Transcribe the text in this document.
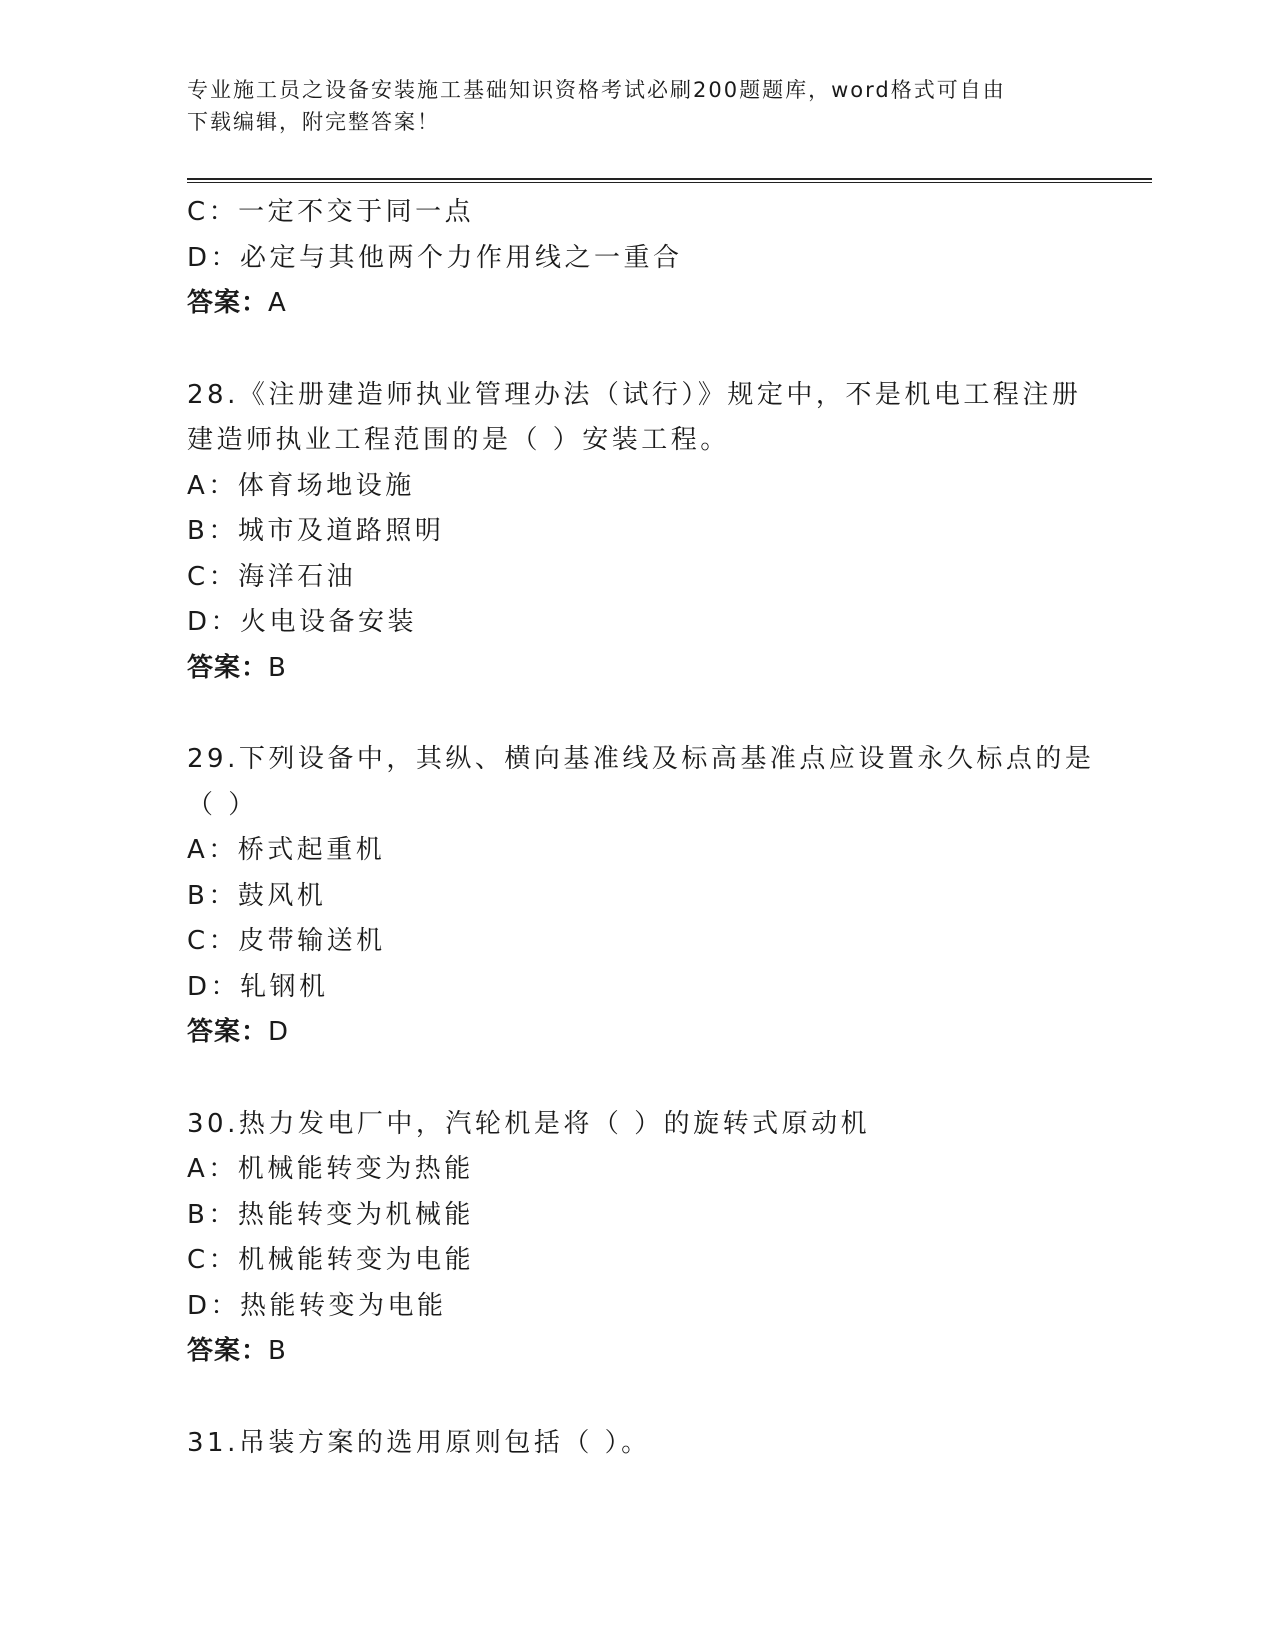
专业施工员之设备安装施工基础知识资格考试必刷200题题库，word格式可自由
下载编辑，附完整答案！
C：一定不交于同一点
D：必定与其他两个力作用线之一重合
答案：A
28.《注册建造师执业管理办法（试行）》规定中，不是机电工程注册
建造师执业工程范围的是（ ）安装工程。
A：体育场地设施
B：城市及道路照明
C：海洋石油
D：火电设备安装
答案：B
29.下列设备中，其纵、横向基准线及标高基准点应设置永久标点的是
（ ）
A：桥式起重机
B：鼓风机
C：皮带输送机
D：轧钢机
答案：D
30.热力发电厂中，汽轮机是将（ ）的旋转式原动机
A：机械能转变为热能
B：热能转变为机械能
C：机械能转变为电能
D：热能转变为电能
答案：B
31.吊装方案的选用原则包括（ ）。
